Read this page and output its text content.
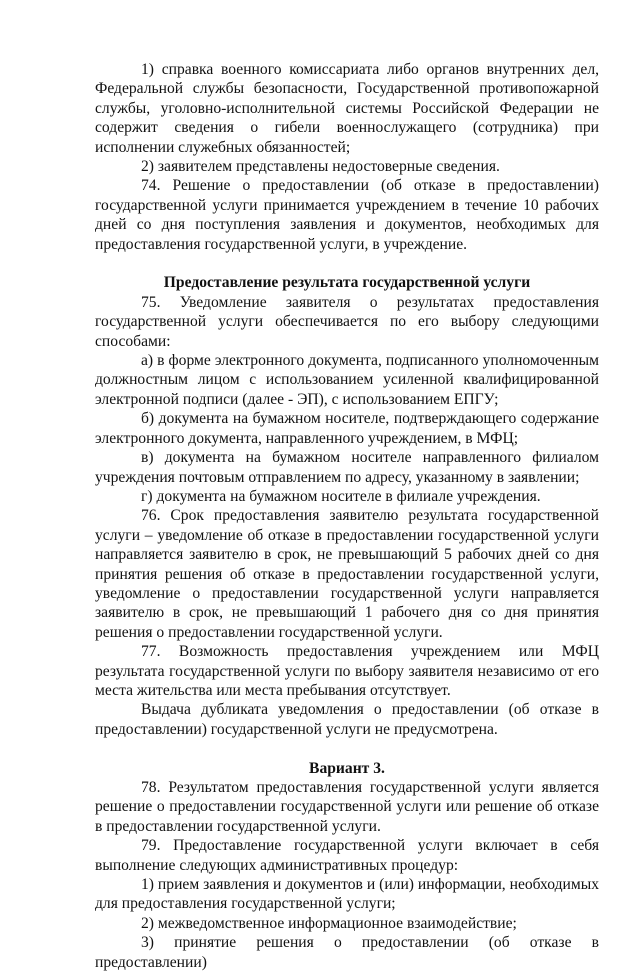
1) справка военного комиссариата либо органов внутренних дел, Федеральной службы безопасности, Государственной противопожарной службы, уголовно-исполнительной системы Российской Федерации не содержит сведения о гибели военнослужащего (сотрудника) при исполнении служебных обязанностей;

2) заявителем представлены недостоверные сведения.

74. Решение о предоставлении (об отказе в предоставлении) государственной услуги принимается учреждением в течение 10 рабочих дней со дня поступления заявления и документов, необходимых для предоставления государственной услуги, в учреждение.

Предоставление результата государственной услуги

75. Уведомление заявителя о результатах предоставления государственной услуги обеспечивается по его выбору следующими способами:

а) в форме электронного документа, подписанного уполномоченным должностным лицом с использованием усиленной квалифицированной электронной подписи (далее - ЭП), с использованием ЕПГУ;

б) документа на бумажном носителе, подтверждающего содержание электронного документа, направленного учреждением, в МФЦ;

в) документа на бумажном носителе направленного филиалом учреждения почтовым отправлением по адресу, указанному в заявлении;

г) документа на бумажном носителе в филиале учреждения.

76. Срок предоставления заявителю результата государственной услуги – уведомление об отказе в предоставлении государственной услуги направляется заявителю в срок, не превышающий 5 рабочих дней со дня принятия решения об отказе в предоставлении государственной услуги, уведомление о предоставлении государственной услуги направляется заявителю в срок, не превышающий 1 рабочего дня со дня принятия решения о предоставлении государственной услуги.

77. Возможность предоставления учреждением или МФЦ результата государственной услуги по выбору заявителя независимо от его места жительства или места пребывания отсутствует.

Выдача дубликата уведомления о предоставлении (об отказе в предоставлении) государственной услуги не предусмотрена.

Вариант 3.

78. Результатом предоставления государственной услуги является решение о предоставлении государственной услуги или решение об отказе в предоставлении государственной услуги.

79. Предоставление государственной услуги включает в себя выполнение следующих административных процедур:

1) прием заявления и документов и (или) информации, необходимых для предоставления государственной услуги;

2) межведомственное информационное взаимодействие;

3) принятие решения о предоставлении (об отказе в предоставлении)
